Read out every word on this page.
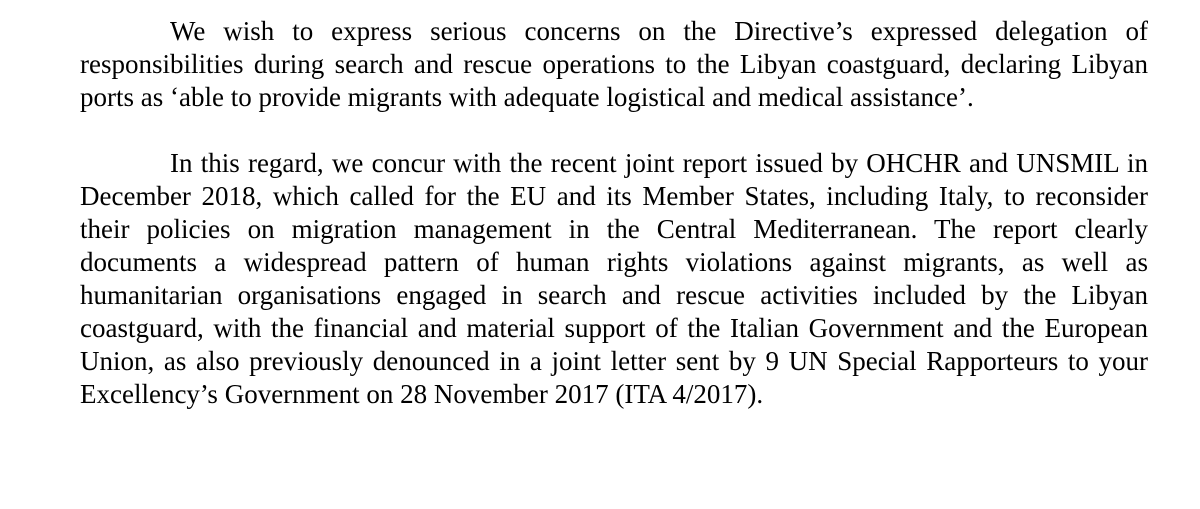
We wish to express serious concerns on the Directive’s expressed delegation of responsibilities during search and rescue operations to the Libyan coastguard, declaring Libyan ports as ‘able to provide migrants with adequate logistical and medical assistance’.

In this regard, we concur with the recent joint report issued by OHCHR and UNSMIL in December 2018, which called for the EU and its Member States, including Italy, to reconsider their policies on migration management in the Central Mediterranean. The report clearly documents a widespread pattern of human rights violations against migrants, as well as humanitarian organisations engaged in search and rescue activities included by the Libyan coastguard, with the financial and material support of the Italian Government and the European Union, as also previously denounced in a joint letter sent by 9 UN Special Rapporteurs to your Excellency’s Government on 28 November 2017 (ITA 4/2017).
